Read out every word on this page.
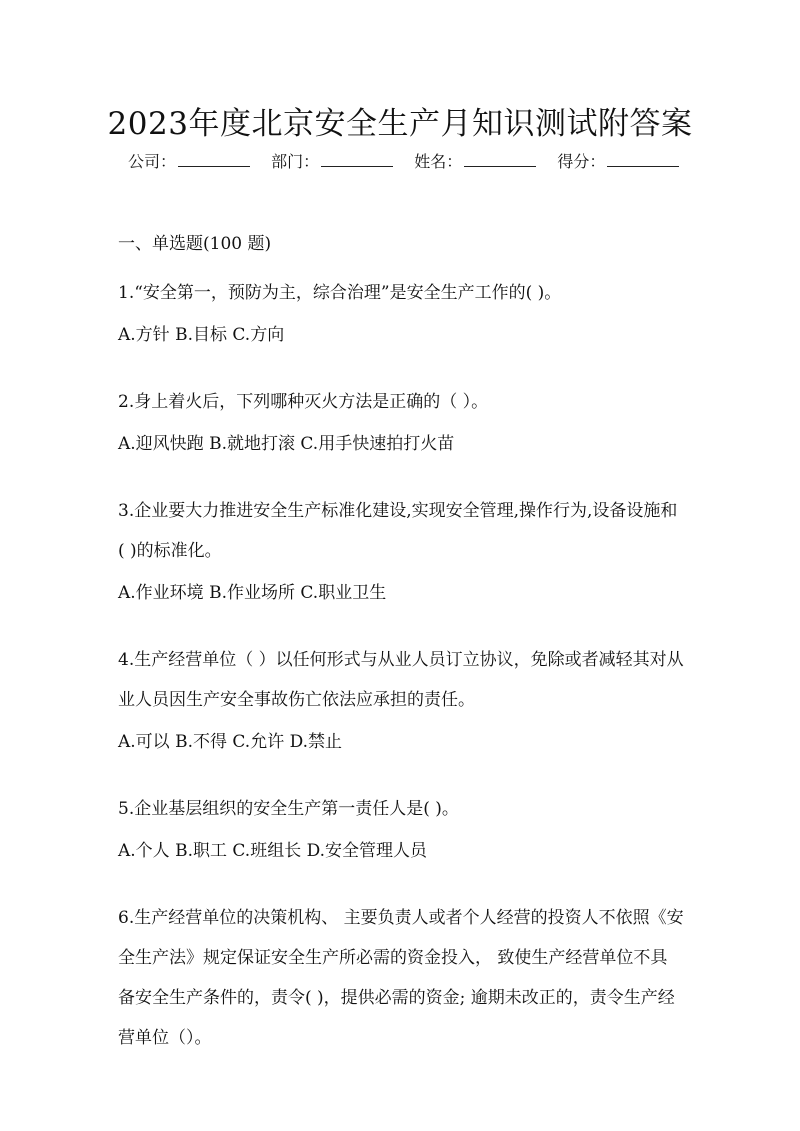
2023年度北京安全生产月知识测试附答案
公司：	部门：	姓名：	得分：
一、单选题(100 题)
1.“安全第一，预防为主，综合治理”是安全生产工作的( )。
A.方针 B.目标 C.方向
2.身上着火后，下列哪种灭火方法是正确的（ ）。
A.迎风快跑 B.就地打滚 C.用手快速拍打火苗
3.企业要大力推进安全生产标准化建设,实现安全管理,操作行为,设备设施和( )的标准化。
A.作业环境 B.作业场所 C.职业卫生
4.生产经营单位（ ）以任何形式与从业人员订立协议，免除或者减轻其对从业人员因生产安全事故伤亡依法应承担的责任。
A.可以 B.不得 C.允许 D.禁止
5.企业基层组织的安全生产第一责任人是( )。
A.个人 B.职工 C.班组长 D.安全管理人员
6.生产经营单位的决策机构、 主要负责人或者个人经营的投资人不依照《安全生产法》规定保证安全生产所必需的资金投入， 致使生产经营单位不具备安全生产条件的，责令( )，提供必需的资金; 逾期未改正的，责令生产经营单位（）。
